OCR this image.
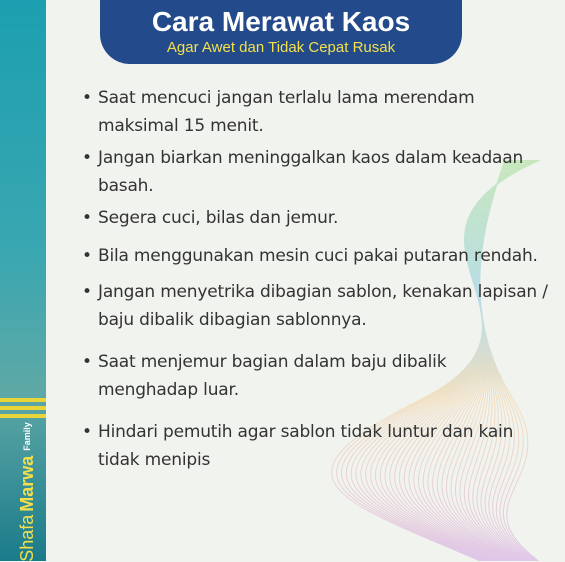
Shafa
Marwa
Family
Cara Merawat Kaos
Agar Awet dan Tidak Cepat Rusak
• Saat mencuci jangan terlalu lama merendam maksimal 15 menit.
• Jangan biarkan meninggalkan kaos dalam keadaan basah.
• Segera cuci, bilas dan jemur.
• Bila menggunakan mesin cuci pakai putaran rendah.
• Jangan menyetrika dibagian sablon, kenakan lapisan / baju dibalik dibagian sablonnya.
• Saat menjemur bagian dalam baju dibalik menghadap luar.
• Hindari pemutih agar sablon tidak luntur dan kain tidak menipis
